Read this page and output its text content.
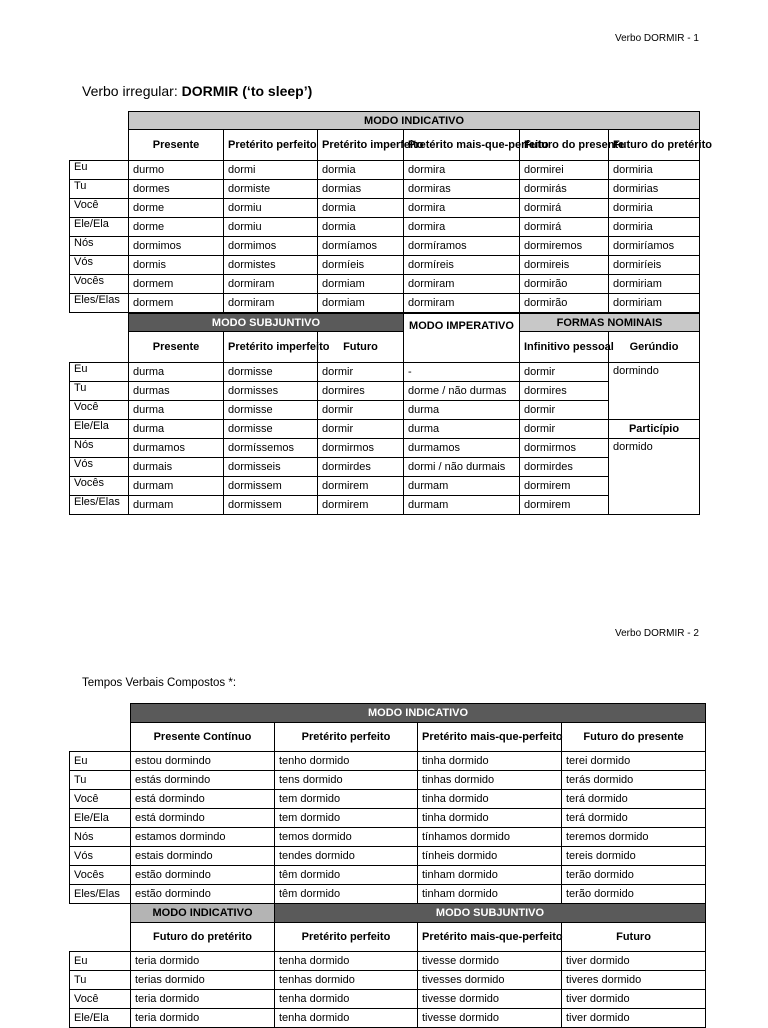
Verbo DORMIR - 1
Verbo irregular: DORMIR (‘to sleep’)
	MODO INDICATIVO					
	Presente	Pretérito perfeito	Pretérito imperfeito	Pretérito mais-que-perfeito	Futuro do presente	Futuro do pretérito
Eu	durmo	dormi	dormia	dormira	dormirei	dormiria
Tu	dormes	dormiste	dormias	dormiras	dormirás	dormirias
Você	dorme	dormiu	dormia	dormira	dormirá	dormiria
Ele/Ela	dorme	dormiu	dormia	dormira	dormirá	dormiria
Nós	dormimos	dormimos	dormíamos	dormíramos	dormiremos	dormiríamos
Vós	dormis	dormistes	dormíeis	dormíreis	dormireis	dormiríeis
Vocês	dormem	dormiram	dormiam	dormiram	dormirão	dormiriam
Eles/Elas	dormem	dormiram	dormiam	dormiram	dormirão	dormiriam
	MODO SUBJUNTIVO			MODO IMPERATIVO	FORMAS NOMINAIS	
	Presente	Pretérito imperfeito	Futuro		Infinitivo pessoal	Gerúndio
Eu	durma	dormisse	dormir	-	dormir	dormindo
Tu	durmas	dormisses	dormires	dorme / não durmas	dormires	
Você	durma	dormisse	dormir	durma	dormir	
Ele/Ela	durma	dormisse	dormir	durma	dormir	Particípio
Nós	durmamos	dormíssemos	dormirmos	durmamos	dormirmos	dormido
Vós	durmais	dormisseis	dormirdes	dormi / não durmais	dormirdes	
Vocês	durmam	dormissem	dormirem	durmam	dormirem	
Eles/Elas	durmam	dormissem	dormirem	durmam	dormirem	
Verbo DORMIR - 2
Tempos Verbais Compostos *:
	MODO INDICATIVO			
	Presente Contínuo	Pretérito perfeito	Pretérito mais-que-perfeito	Futuro do presente
Eu	estou dormindo	tenho dormido	tinha dormido	terei dormido
Tu	estás dormindo	tens dormido	tinhas dormido	terás dormido
Você	está dormindo	tem dormido	tinha dormido	terá dormido
Ele/Ela	está dormindo	tem dormido	tinha dormido	terá dormido
Nós	estamos dormindo	temos dormido	tínhamos dormido	teremos dormido
Vós	estais dormindo	tendes dormido	tínheis dormido	tereis dormido
Vocês	estão dormindo	têm dormido	tinham dormido	terão dormido
Eles/Elas	estão dormindo	têm dormido	tinham dormido	terão dormido
	MODO INDICATIVO	MODO SUBJUNTIVO		
	Futuro do pretérito	Pretérito perfeito	Pretérito mais-que-perfeito	Futuro
Eu	teria dormido	tenha dormido	tivesse dormido	tiver dormido
Tu	terias dormido	tenhas dormido	tivesses dormido	tiveres dormido
Você	teria dormido	tenha dormido	tivesse dormido	tiver dormido
Ele/Ela	teria dormido	tenha dormido	tivesse dormido	tiver dormido
